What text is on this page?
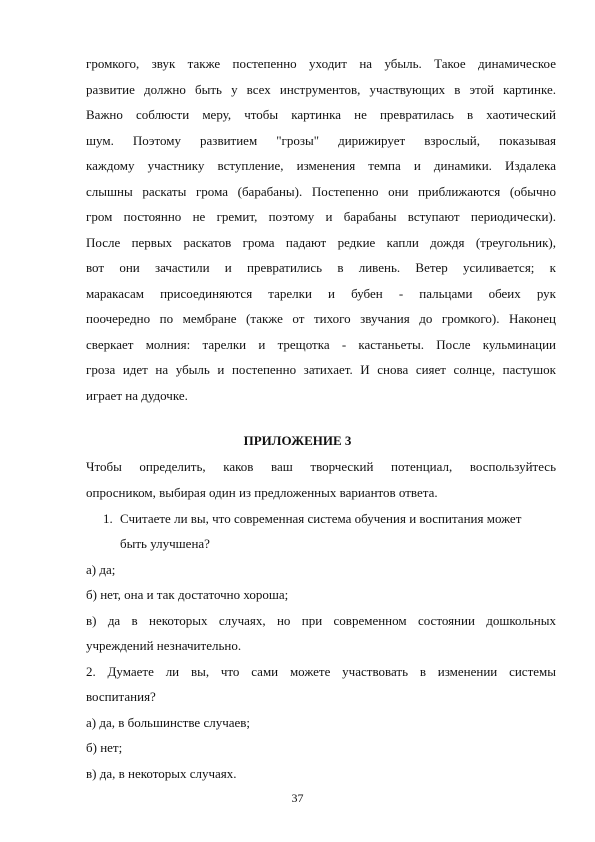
громкого, звук также постепенно уходит на убыль. Такое динамическое
развитие должно быть у всех инструментов, участвующих в этой картинке.
Важно соблюсти меру, чтобы картинка не превратилась в хаотический
шум. Поэтому развитием "грозы" дирижирует взрослый, показывая
каждому участнику вступление, изменения темпа и динамики. Издалека
слышны раскаты грома (барабаны). Постепенно они приближаются (обычно
гром постоянно не гремит, поэтому и барабаны вступают периодически).
После первых раскатов грома падают редкие капли дождя (треугольник),
вот они зачастили и превратились в ливень. Ветер усиливается; к
маракасам присоединяются тарелки и бубен - пальцами обеих рук
поочередно по мембране (также от тихого звучания до громкого). Наконец
сверкает молния: тарелки и трещотка - кастаньеты. После кульминации
гроза идет на убыль и постепенно затихает. И снова сияет солнце, пастушок
играет на дудочке.
ПРИЛОЖЕНИЕ 3
Чтобы определить, каков ваш творческий потенциал, воспользуйтесь
опросником, выбирая один из предложенных вариантов ответа.
1. Считаете ли вы, что современная система обучения и воспитания может
быть улучшена?
а) да;
б) нет, она и так достаточно хороша;
в) да в некоторых случаях, но при современном состоянии дошкольных
учреждений незначительно.
2. Думаете ли вы, что сами можете участвовать в изменении системы
воспитания?
а) да, в большинстве случаев;
б) нет;
в) да, в некоторых случаях.
37
